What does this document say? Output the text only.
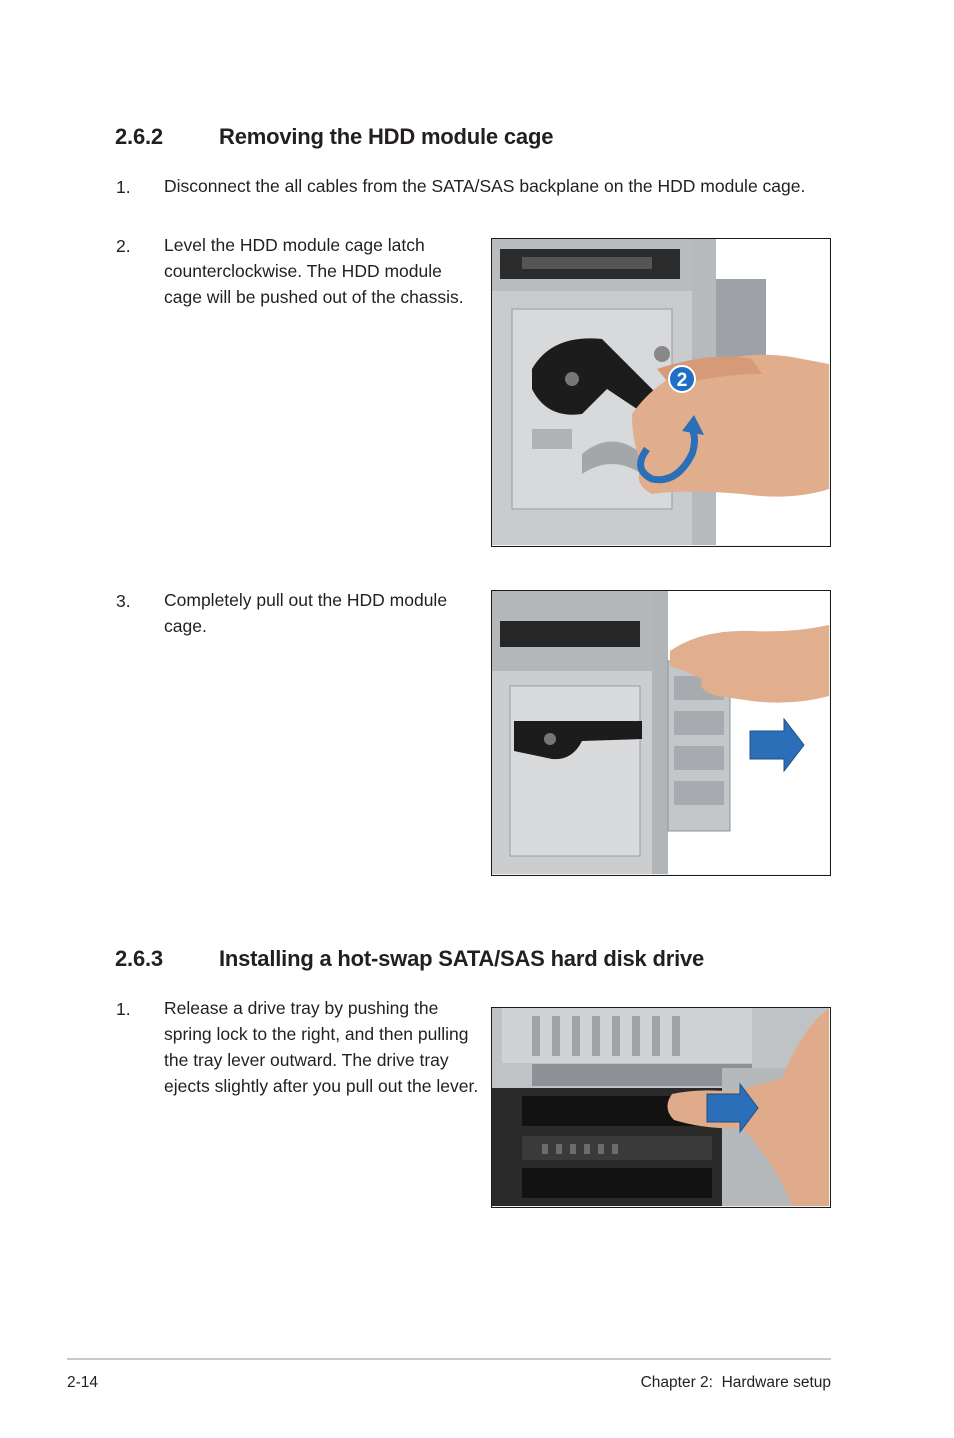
2.6.2	Removing the HDD module cage
1. Disconnect the all cables from the SATA/SAS backplane on the HDD module cage.
2. Level the HDD module cage latch counterclockwise. The HDD module cage will be pushed out of the chassis.
2
3. Completely pull out the HDD module cage.
2.6.3	Installing a hot-swap SATA/SAS hard disk drive
1. Release a drive tray by pushing the spring lock to the right, and then pulling the tray lever outward. The drive tray ejects slightly after you pull out the lever.
2-14	Chapter 2:  Hardware setup
